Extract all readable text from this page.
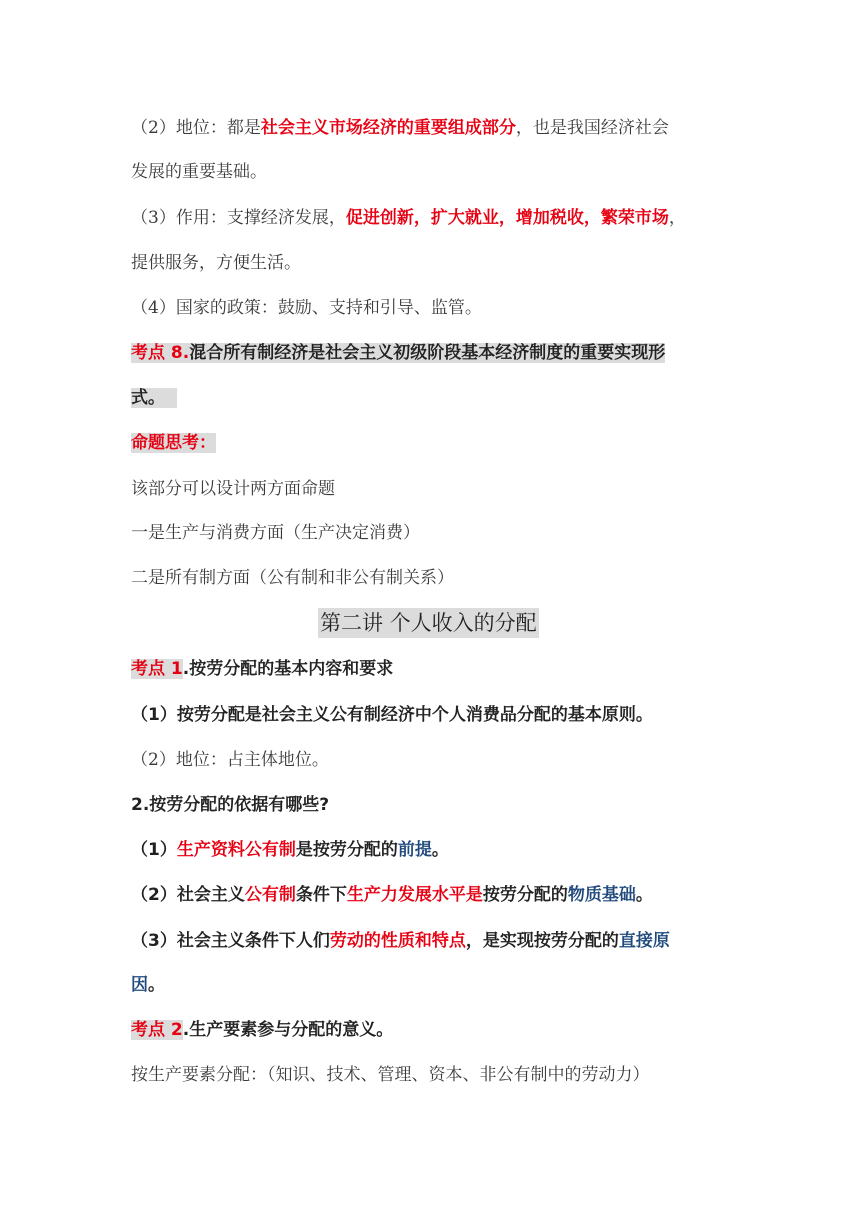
（2）地位：都是社会主义市场经济的重要组成部分，也是我国经济社会
发展的重要基础。
（3）作用：支撑经济发展，促进创新，扩大就业，增加税收，繁荣市场，
提供服务，方便生活。
（4）国家的政策：鼓励、支持和引导、监管。
考点 8.混合所有制经济是社会主义初级阶段基本经济制度的重要实现形
式。
命题思考：
该部分可以设计两方面命题
一是生产与消费方面（生产决定消费）
二是所有制方面（公有制和非公有制关系）
第二讲 个人收入的分配
考点 1.按劳分配的基本内容和要求
（1）按劳分配是社会主义公有制经济中个人消费品分配的基本原则。
（2）地位：占主体地位。
2.按劳分配的依据有哪些?
（1）生产资料公有制是按劳分配的前提。
（2）社会主义公有制条件下生产力发展水平是按劳分配的物质基础。
（3）社会主义条件下人们劳动的性质和特点，是实现按劳分配的直接原
因。
考点 2.生产要素参与分配的意义。
按生产要素分配：（知识、技术、管理、资本、非公有制中的劳动力）
